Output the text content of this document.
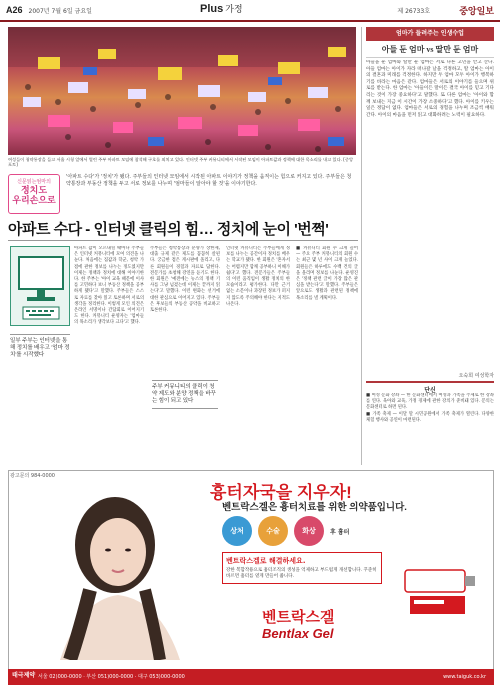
A26 2007년 7월 6일 금요일	Plus 가정	제 26733호	중앙일보
여성들이 청약통장을 들고 서울 시청 앞에서 열린 주부 아파트 모임에 참석해 구호를 외치고 있다. 인터넷 주부 커뮤니티에서 시작된 모임이 아파트값과 정책에 대한 목소리를 내고 있다. [중앙포토]
신문읽는엄마의
정치도
우리손으로
'아파트 수다'가 '정치'가 됐다. 주부들의 인터넷 모임에서 시작된 아파트 이야기가 정책을 움직이는 힘으로 커지고 있다. 주부들은 청약통장과 부동산 정책을 두고 서로 정보를 나누며 '엄마들이 알아야 할 것'을 이야기한다.
아파트 수다 - 인터넷 클릭의 힘… 정치에 눈이 '번쩍'
아파트 값이 오르내릴 때마다 주부들은 인터넷 커뮤니티에 모여 의견을 나눈다. 처음에는 집값과 학군, 청약 가점에 관한 정보를 나누는 정도였지만 이제는 정책과 정치에 대해 이야기한다. 한 주부는 '아이 교육 때문에 이사를 고민하다 보니 부동산 정책을 공부하게 됐다'고 말했다. 주부들은 스스로 자료를 찾아 읽고 토론하며 서로의 생각을 정리한다. 이렇게 모인 의견은 온라인 서명이나 간담회로 이어지기도 한다. 커뮤니티 운영자는 '엄마들의 목소리가 생각보다 크다'고 했다.
주부들은 청약통장과 분양가 상한제, 대출 규제 같은 제도를 꼼꼼히 살핀다. 궁금한 점은 게시판에 올리고, 다른 회원들이 경험과 자료로 답한다. 전문가를 초청해 강연을 듣기도 한다. 한 회원은 '예전에는 뉴스의 정책 기사를 그냥 넘겼는데 이제는 끝까지 읽는다'고 말했다. 이런 변화는 선거에 대한 관심으로 이어지고 있다. 주부들은 후보들의 부동산 공약을 비교하고 토론한다.
인터넷 커뮤니티는 주부들에게 정보를 나누는 공간이자 정치를 배우는 학교가 됐다. 한 회원은 '혼자서는 어렵지만 함께 공부하니 이해가 쉽다'고 했다. 전문가들은 주부들의 이런 움직임이 생활 정치의 한 모습이라고 평가한다. 다만 근거 없는 소문이나 과장된 정보가 퍼지지 않도록 주의해야 한다는 지적도 나온다.
■ 커뮤니티 회원 수 크게 늘어 — 주요 주부 커뮤니티의 회원 수는 최근 몇 년 사이 크게 늘었다. 회원들은 하루에도 수백 건의 글을 올리며 정보를 나눈다. 운영진은 '정책 관련 글이 가장 많은 관심을 받는다'고 말했다. 주부들은 앞으로도 생활과 관련된 정책에 목소리를 낼 계획이다.
일부 주부는 인터넷을 통해 정치를 배우고 '엄마 정치'를 시작했다
주부 커뮤니티의 클릭이 청약 제도와 분양 정책을 바꾸는 힘이 되고 있다
엄마가 들려주는 인생수업
아들 둔 엄마 vs 딸만 둔 엄마
아들을 둔 엄마와 딸만 둔 엄마는 서로 다른 고민을 안고 산다. 아들 엄마는 아이가 자라 떠나갈 날을 걱정하고, 딸 엄마는 아이의 결혼과 미래를 걱정한다. 하지만 두 엄마 모두 아이가 행복하기를 바라는 마음은 같다. 엄마들은 서로의 이야기를 들으며 위로를 받는다. 한 엄마는 '아들이든 딸이든 결국 아이를 믿고 기다리는 것이 가장 중요하다'고 말했다. 또 다른 엄마는 '아이와 함께 보내는 지금 이 시간이 가장 소중하다'고 했다. 아이를 키우는 일은 정답이 없다. 엄마들은 서로의 경험을 나누며 조금씩 배워 간다. 아이의 마음을 먼저 읽고 대화하려는 노력이 필요하다.
오숙희 여성학자
단신
■ 여성 문화 강좌 — 한 문화센터에서 여성과 가족을 주제로 한 강좌를 연다. 육아와 교육, 가정 경제에 관한 강의가 준비돼 있다. 문의는 문화센터로 하면 된다.
■ 가족 축제 — 이달 말 시민공원에서 가족 축제가 열린다. 다양한 체험 행사와 공연이 마련된다.
광고문의 984-0000
흉터자국을 지우자!
벤트락스겔은 흉터치료를 위한 의약품입니다.
상처	수술	화상	후 흉터
벤트락스겔로 해결하세요.
강한 복합작용으로 흉터조직의 생성을 억제하고 부드럽게 개선합니다. 꾸준히 바르면 흉터를 옅게 만들어 줍니다.
벤트락스겔
Bentlax Gel
서울 02)000-0000 · 부산 051)000-0000 · 대구 053)000-0000	www.taiguk.co.kr
태극제약
